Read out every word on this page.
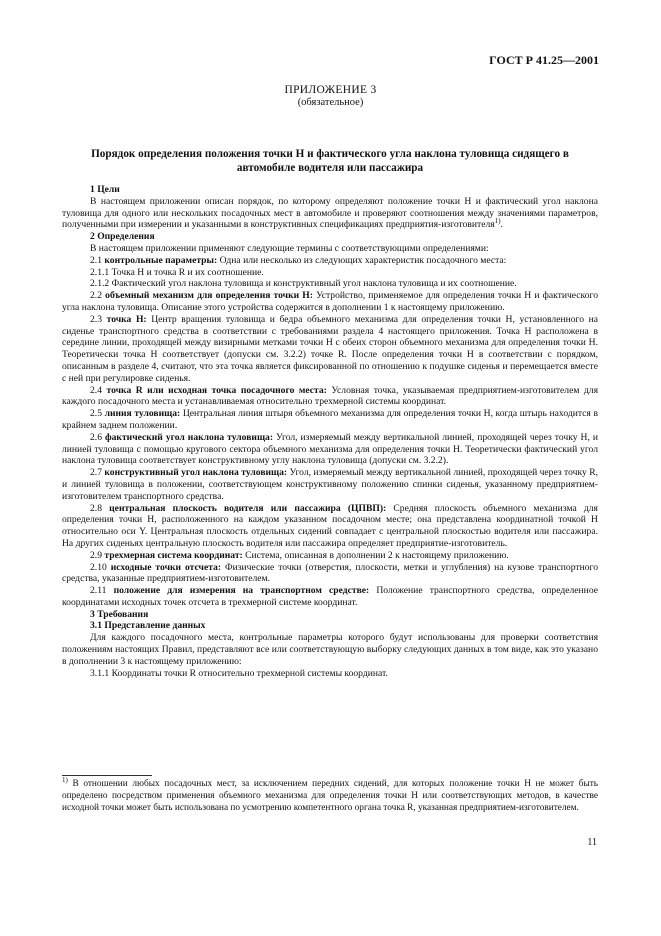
ГОСТ Р 41.25—2001
ПРИЛОЖЕНИЕ 3
(обязательное)
Порядок определения положения точки Н и фактического угла наклона туловища сидящего в автомобиле водителя или пассажира

1 Цели

В настоящем приложении описан порядок, по которому определяют положение точки Н и фактический угол наклона туловища для одного или нескольких посадочных мест в автомобиле и проверяют соотношения между значениями параметров, полученными при измерении и указанными в конструктивных спецификациях предприятия-изготовителя$^{1)}$.

2 Определения

В настоящем приложении применяют следующие термины с соответствующими определениями:

2.1 контрольные параметры: Одна или несколько из следующих характеристик посадочного места:

2.1.1 Точка Н и точка R и их соотношение.

2.1.2 Фактический угол наклона туловища и конструктивный угол наклона туловища и их соотношение.

2.2 объемный механизм для определения точки Н: Устройство, применяемое для определения точки Н и фактического угла наклона туловища. Описание этого устройства содержится в дополнении 1 к настоящему приложению.

2.3 точка Н: Центр вращения туловища и бедра объемного механизма для определения точки Н, установленного на сиденье транспортного средства в соответствии с требованиями раздела 4 настоящего приложения. Точка Н расположена в середине линии, проходящей между визирными метками точки Н с обеих сторон объемного механизма для определения точки Н. Теоретически точка Н соответствует (допуски см. 3.2.2) точке R. После определения точки Н в соответствии с порядком, описанным в разделе 4, считают, что эта точка является фиксированной по отношению к подушке сиденья и перемещается вместе с ней при регулировке сиденья.

2.4 точка R или исходная точка посадочного места: Условная точка, указываемая предприятием-изготовителем для каждого посадочного места и устанавливаемая относительно трехмерной системы координат.

2.5 линия туловища: Центральная линия штыря объемного механизма для определения точки Н, когда штырь находится в крайнем заднем положении.

2.6 фактический угол наклона туловища: Угол, измеряемый между вертикальной линией, проходящей через точку Н, и линией туловища с помощью кругового сектора объемного механизма для определения точки Н. Теоретически фактический угол наклона туловища соответствует конструктивному углу наклона туловища (допуски см. 3.2.2).

2.7 конструктивный угол наклона туловища: Угол, измеряемый между вертикальной линией, проходящей через точку R, и линией туловища в положении, соответствующем конструктивному положению спинки сиденья, указанному предприятием-изготовителем транспортного средства.

2.8 центральная плоскость водителя или пассажира (ЦПВП): Средняя плоскость объемного механизма для определения точки Н, расположенного на каждом указанном посадочном месте; она представлена координатной точкой Н относительно оси Y. Центральная плоскость отдельных сидений совпадает с центральной плоскостью водителя или пассажира. На других сиденьях центральную плоскость водителя или пассажира определяет предприятие-изготовитель.

2.9 трехмерная система координат: Система, описанная в дополнении 2 к настоящему приложению.

2.10 исходные точки отсчета: Физические точки (отверстия, плоскости, метки и углубления) на кузове транспортного средства, указанные предприятием-изготовителем.

2.11 положение для измерения на транспортном средстве: Положение транспортного средства, определенное координатами исходных точек отсчета в трехмерной системе координат.

3 Требования

3.1 Представление данных

Для каждого посадочного места, контрольные параметры которого будут использованы для проверки соответствия положениям настоящих Правил, представляют все или соответствующую выборку следующих данных в том виде, как это указано в дополнении 3 к настоящему приложению:

3.1.1 Координаты точки R относительно трехмерной системы координат.

$^{1)}$ В отношении любых посадочных мест, за исключением передних сидений, для которых положение точки Н не может быть определено посредством применения объемного механизма для определения точки Н или соответствующих методов, в качестве исходной точки может быть использована по усмотрению компетентного органа точка R, указанная предприятием-изготовителем.
11
